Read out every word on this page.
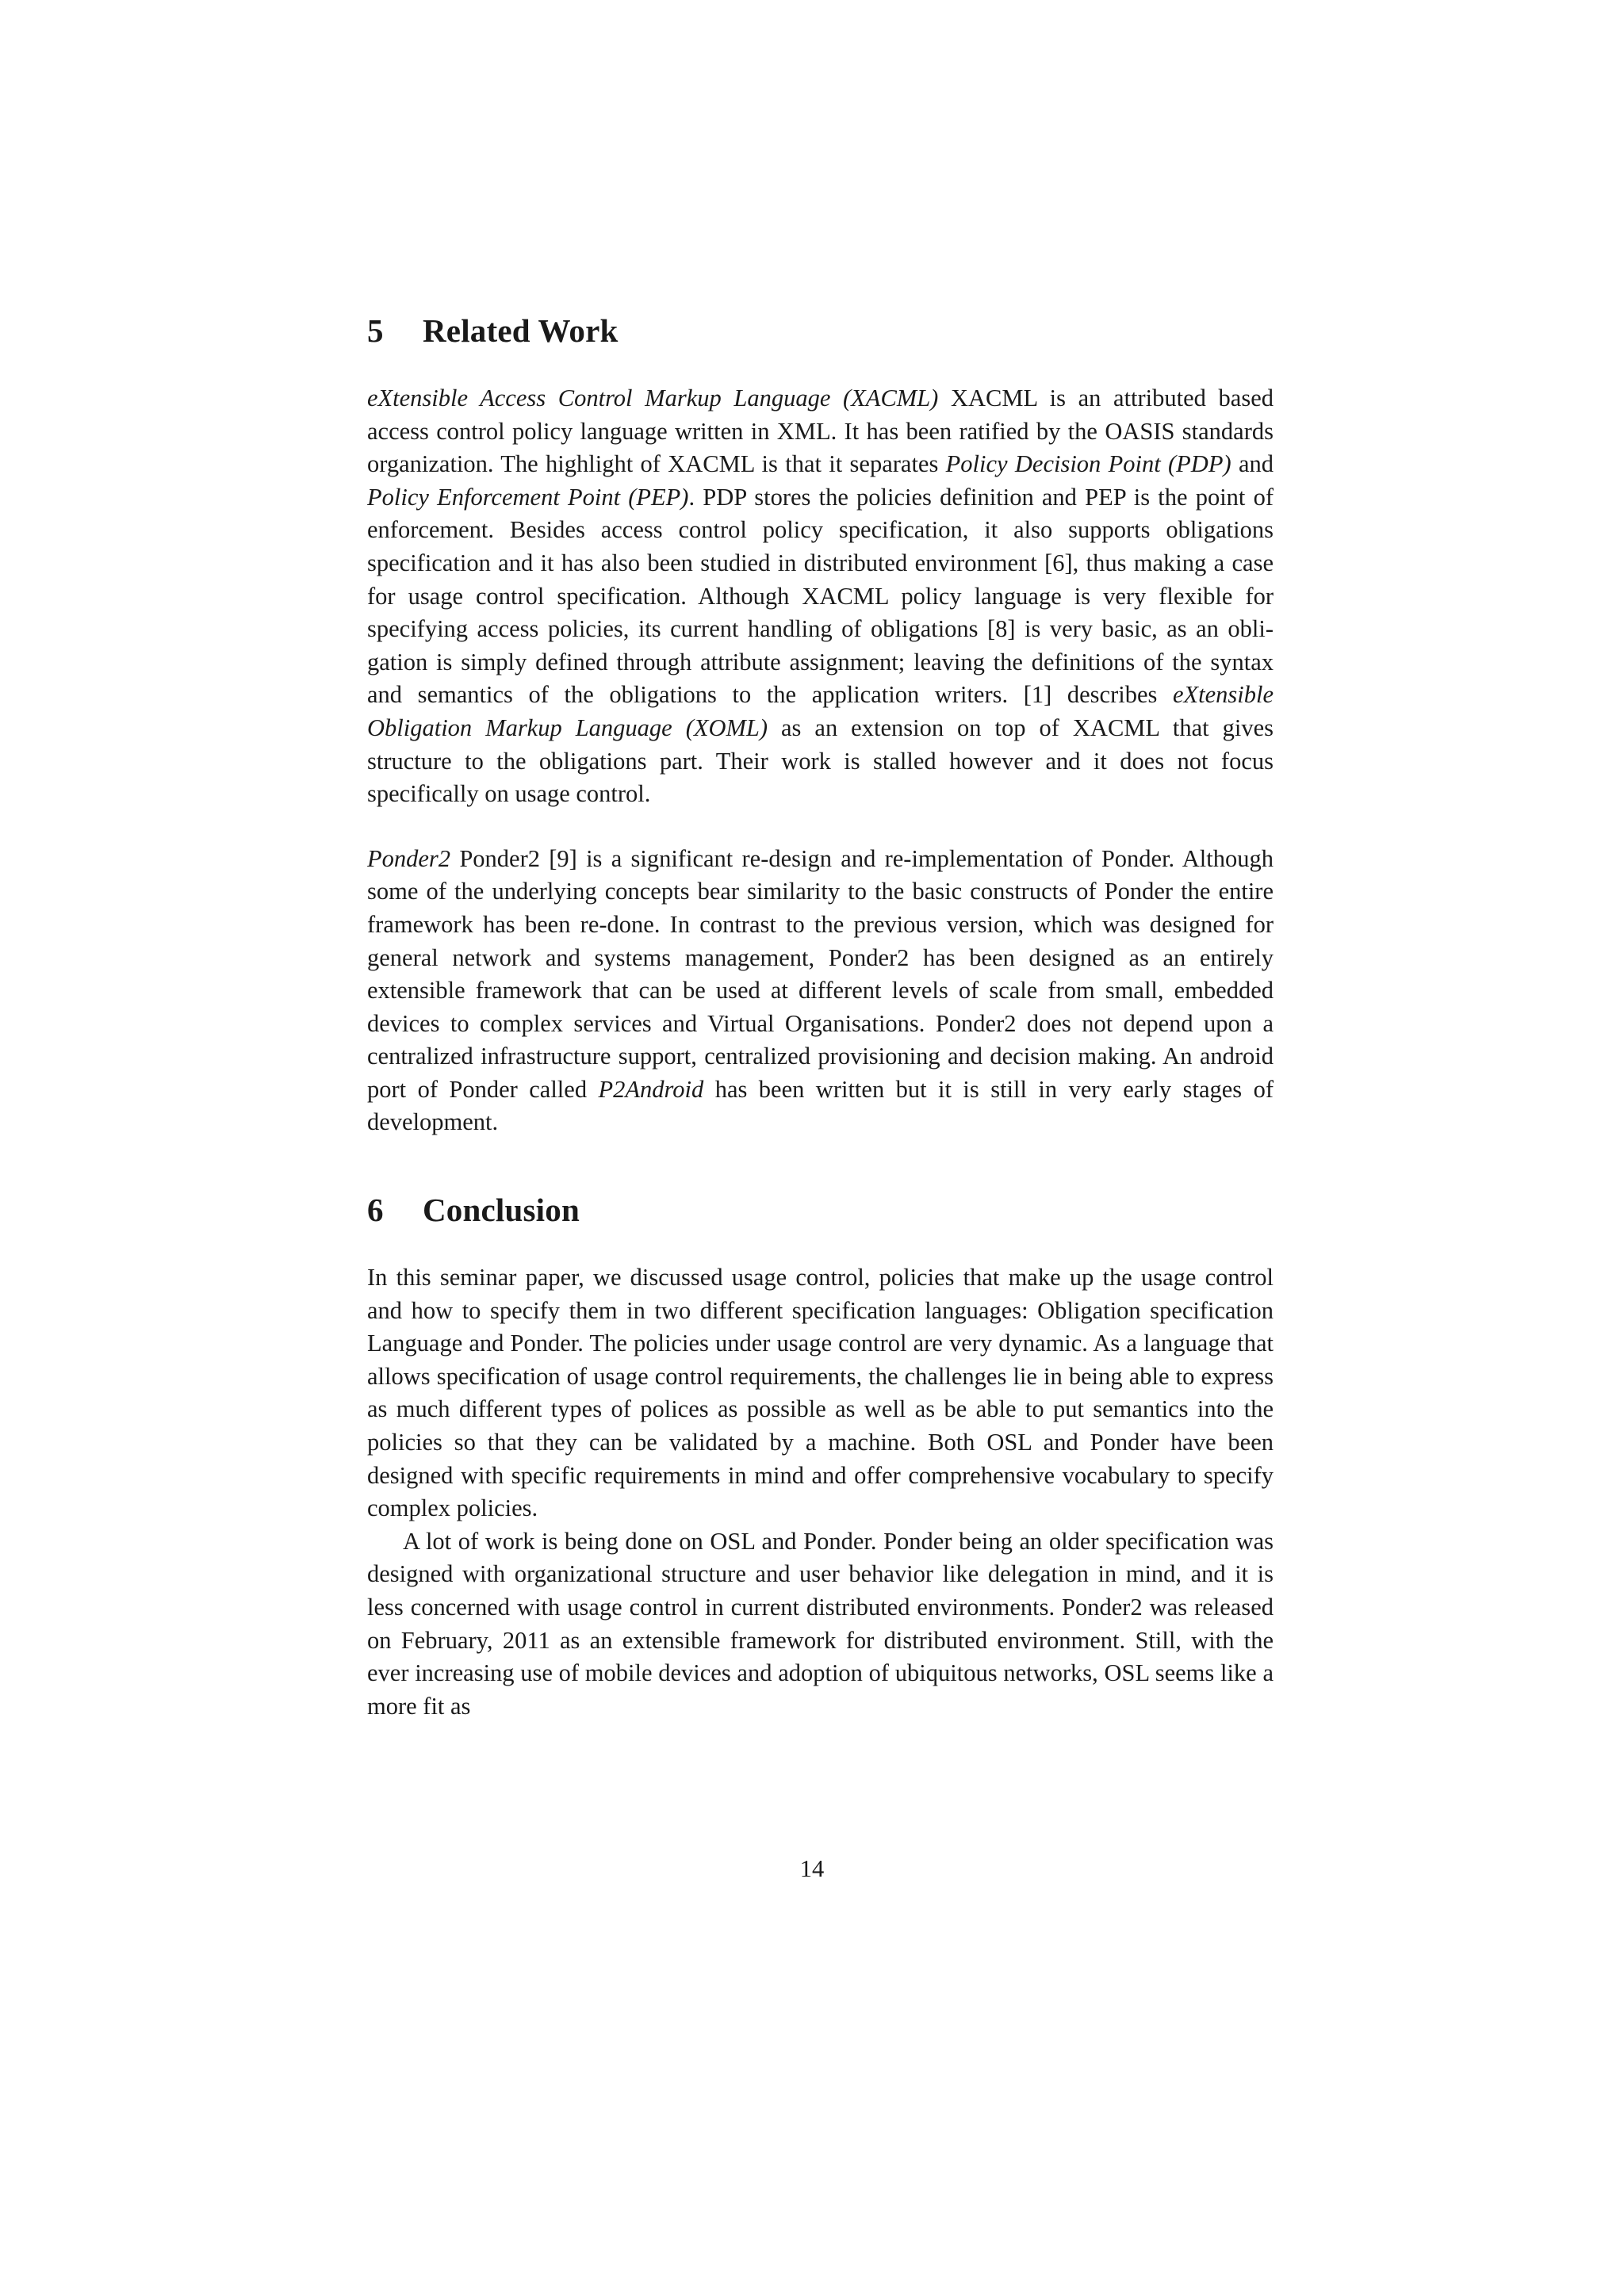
5 Related Work

eXtensible Access Control Markup Language (XACML) XACML is an attributed based access control policy language written in XML. It has been ratified by the OASIS standards organization. The highlight of XACML is that it separates Policy Decision Point (PDP) and Policy Enforcement Point (PEP). PDP stores the policies definition and PEP is the point of enforcement. Besides access control policy specification, it also supports obligations specification and it has also been studied in distributed environment [6], thus making a case for usage control specification. Although XACML policy language is very flexible for specifying access policies, its current handling of obligations [8] is very basic, as an obligation is simply defined through attribute assignment; leaving the definitions of the syntax and semantics of the obligations to the application writers. [1] describes eXtensible Obligation Markup Language (XOML) as an extension on top of XACML that gives structure to the obligations part. Their work is stalled however and it does not focus specifically on usage control.

Ponder2 Ponder2 [9] is a significant re-design and re-implementation of Ponder. Although some of the underlying concepts bear similarity to the basic constructs of Ponder the entire framework has been re-done. In contrast to the previous version, which was designed for general network and systems management, Ponder2 has been designed as an entirely extensible framework that can be used at different levels of scale from small, embedded devices to complex services and Virtual Organisations. Ponder2 does not depend upon a centralized infrastructure support, centralized provisioning and decision making. An android port of Ponder called P2Android has been written but it is still in very early stages of development.

6 Conclusion

In this seminar paper, we discussed usage control, policies that make up the usage control and how to specify them in two different specification languages: Obligation specification Language and Ponder. The policies under usage control are very dynamic. As a language that allows specification of usage control requirements, the challenges lie in being able to express as much different types of polices as possible as well as be able to put semantics into the policies so that they can be validated by a machine. Both OSL and Ponder have been designed with specific requirements in mind and offer comprehensive vocabulary to specify complex policies.

A lot of work is being done on OSL and Ponder. Ponder being an older specification was designed with organizational structure and user behavior like delegation in mind, and it is less concerned with usage control in current distributed environments. Ponder2 was released on February, 2011 as an extensible framework for distributed environment. Still, with the ever increasing use of mobile devices and adoption of ubiquitous networks, OSL seems like a more fit as

14
